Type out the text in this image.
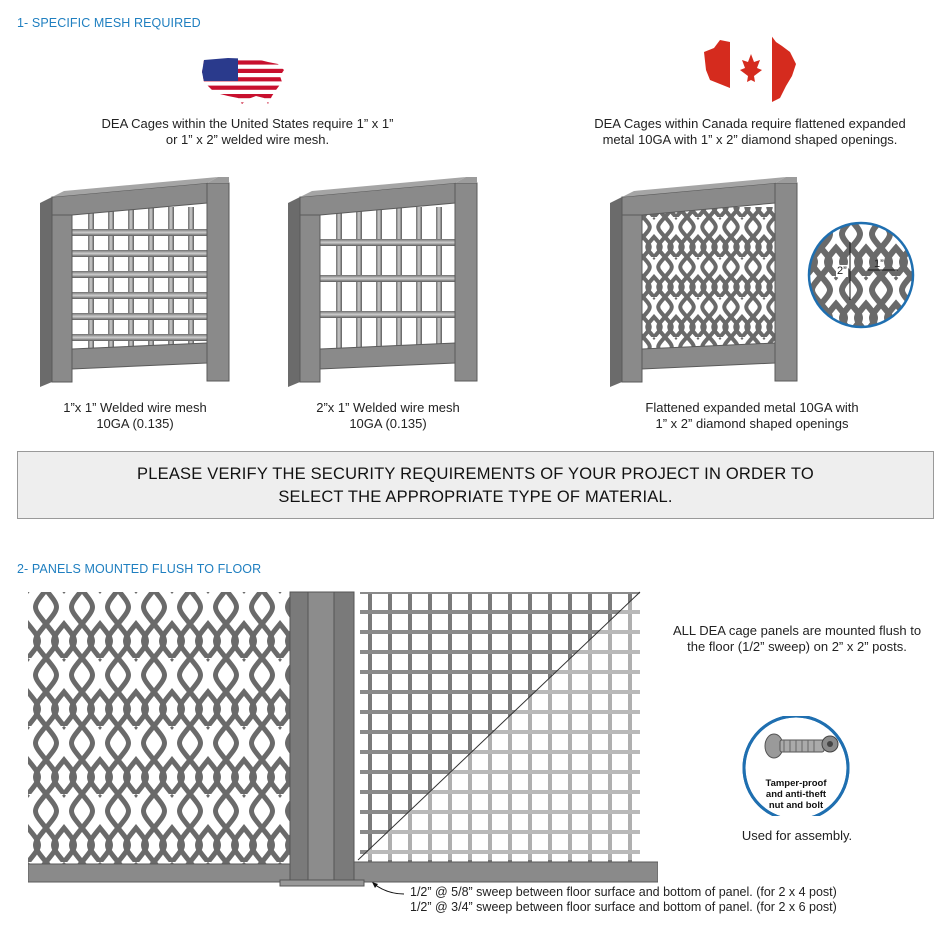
1- SPECIFIC MESH REQUIRED
DEA Cages within the United States require 1” x 1” or 1” x 2” welded wire mesh.
DEA Cages within Canada require flattened expanded metal 10GA with 1” x 2” diamond shaped openings.
2”
1”
1”x 1” Welded wire mesh
10GA (0.135)
2”x 1” Welded wire mesh
10GA (0.135)
Flattened expanded metal 10GA with
1” x 2” diamond shaped openings
PLEASE VERIFY THE SECURITY REQUIREMENTS OF YOUR PROJECT IN ORDER TO
SELECT THE APPROPRIATE TYPE OF MATERIAL.
2- PANELS MOUNTED FLUSH TO FLOOR
ALL DEA cage panels are mounted flush to the floor (1/2” sweep) on 2” x 2” posts.
Tamper-proof
and anti-theft
nut and bolt
Used for assembly.
1/2” @ 5/8” sweep between floor surface and bottom of panel. (for 2 x 4 post)
1/2” @ 3/4” sweep between floor surface and bottom of panel. (for 2 x 6 post)
